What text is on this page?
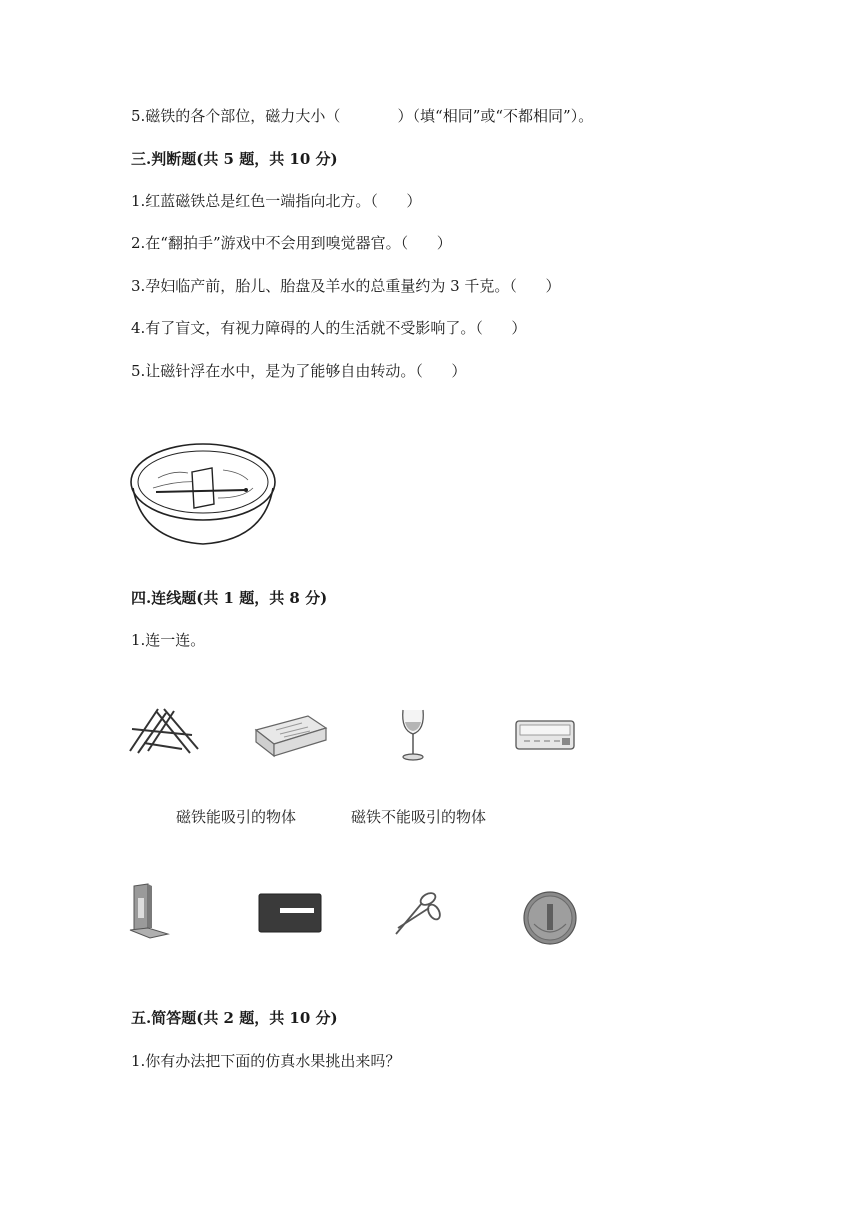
5.磁铁的各个部位，磁力大小（            ）（填“相同”或“不都相同”）。
三.判断题(共 5 题，共 10 分)
1.红蓝磁铁总是红色一端指向北方。（      ）
2.在“翻拍手”游戏中不会用到嗅觉器官。（      ）
3.孕妇临产前，胎儿、胎盘及羊水的总重量约为 3 千克。（      ）
4.有了盲文，有视力障碍的人的生活就不受影响了。（      ）
5.让磁针浮在水中，是为了能够自由转动。（      ）
四.连线题(共 1 题，共 8 分)
1.连一连。
磁铁能吸引的物体	磁铁不能吸引的物体
五.简答题(共 2 题，共 10 分)
1.你有办法把下面的仿真水果挑出来吗？
